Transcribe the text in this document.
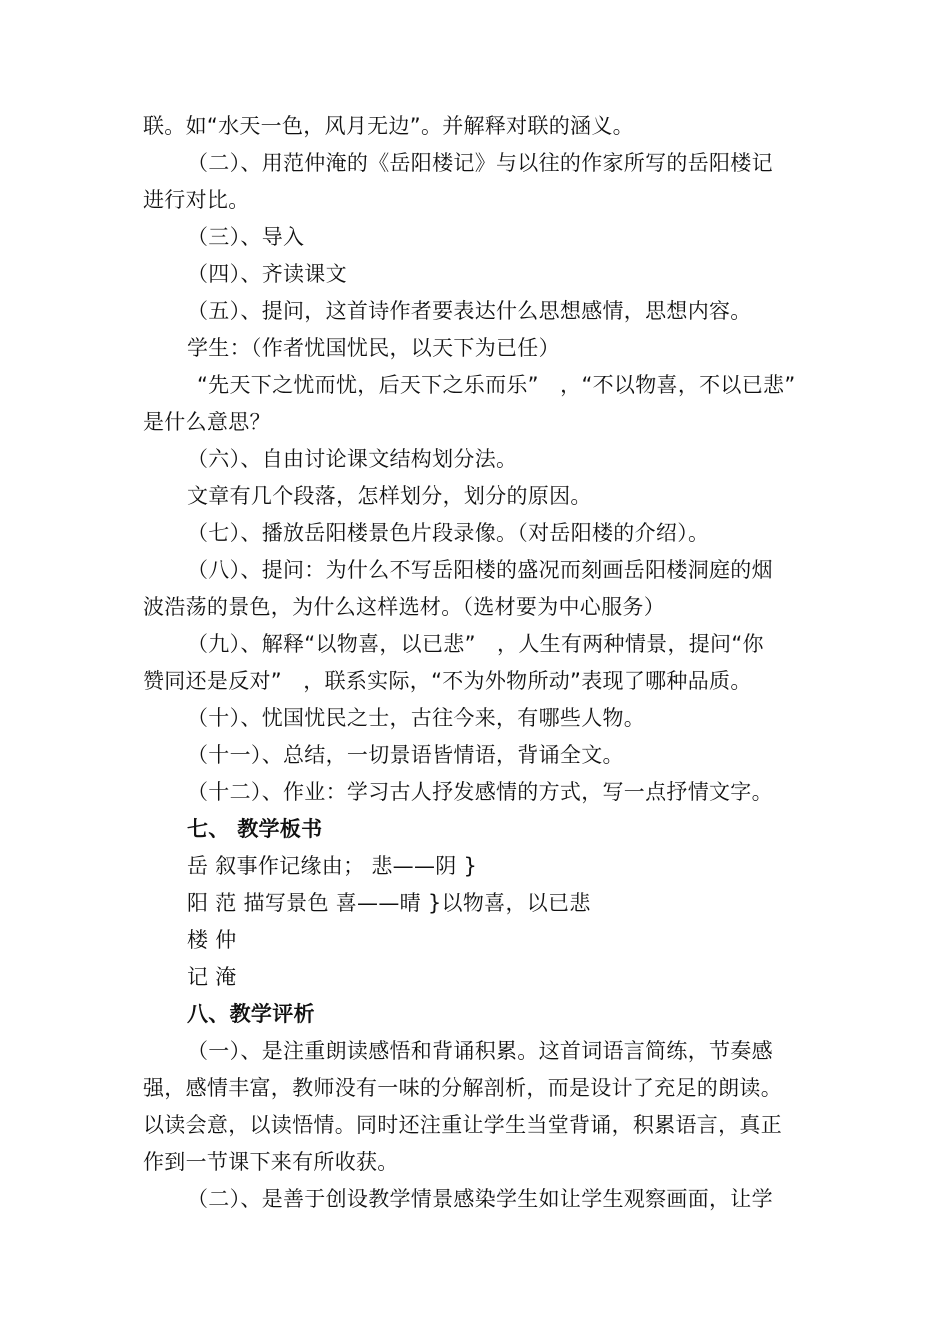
联。如“水天一色，风月无边”。并解释对联的涵义。
（二）、用范仲淹的《岳阳楼记》与以往的作家所写的岳阳楼记
进行对比。
（三）、导入
（四）、齐读课文
（五）、提问，这首诗作者要表达什么思想感情，思想内容。
学生：（作者忧国忧民，以天下为已任）
“先天下之忧而忧，后天下之乐而乐”　，“不以物喜，不以已悲”
是什么意思？
（六）、自由讨论课文结构划分法。
文章有几个段落，怎样划分，划分的原因。
（七）、播放岳阳楼景色片段录像。（对岳阳楼的介绍）。
（八）、提问：为什么不写岳阳楼的盛况而刻画岳阳楼洞庭的烟
波浩荡的景色，为什么这样选材。（选材要为中心服务）
（九）、解释“以物喜，以已悲”　，人生有两种情景，提问“你
赞同还是反对”　，联系实际，“不为外物所动”表现了哪种品质。
（十）、忧国忧民之士，古往今来，有哪些人物。
（十一）、总结，一切景语皆情语，背诵全文。
（十二）、作业：学习古人抒发感情的方式，写一点抒情文字。
七、 教学板书
岳 叙事作记缘由； 悲——阴 }
阳 范 描写景色 喜——晴 }以物喜，以已悲
楼 仲
记 淹
八、教学评析
（一）、是注重朗读感悟和背诵积累。这首词语言简练，节奏感
强，感情丰富，教师没有一味的分解剖析，而是设计了充足的朗读。
以读会意，以读悟情。同时还注重让学生当堂背诵，积累语言，真正
作到一节课下来有所收获。
（二）、是善于创设教学情景感染学生如让学生观察画面，让学
